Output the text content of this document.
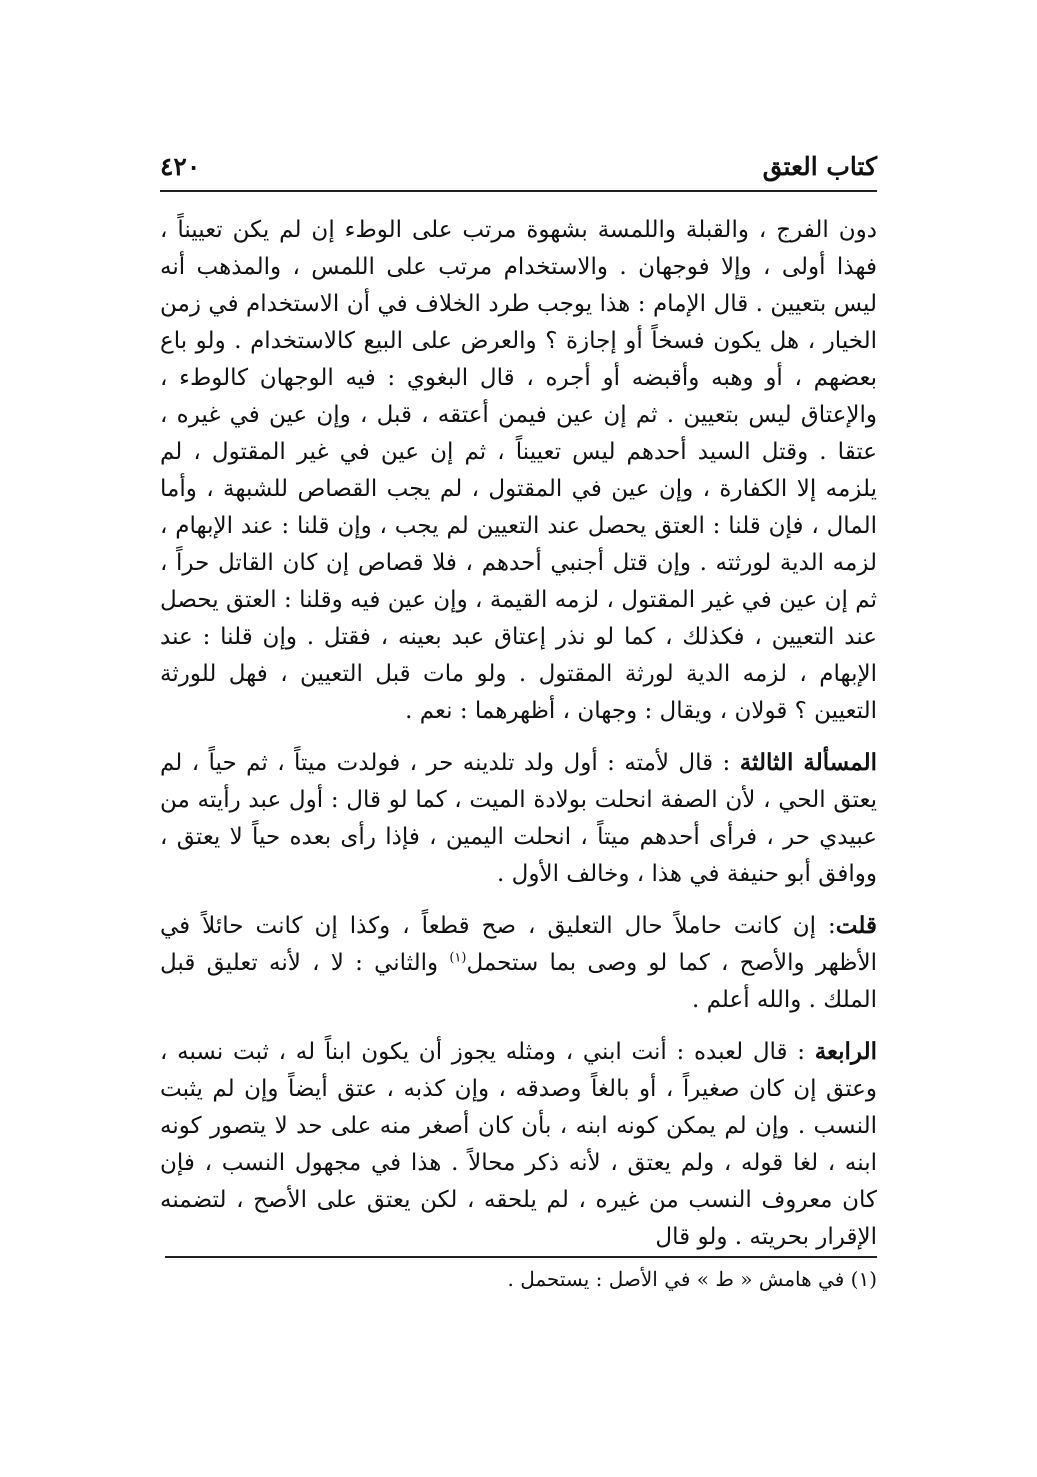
كتاب العتق
٤٢٠

دون الفرج ، والقبلة واللمسة بشهوة مرتب على الوطء إن لم يكن تعييناً ، فهذا أولى ، وإلا فوجهان . والاستخدام مرتب على اللمس ، والمذهب أنه ليس بتعيين . قال الإمام : هذا يوجب طرد الخلاف في أن الاستخدام في زمن الخيار ، هل يكون فسخاً أو إجازة ؟ والعرض على البيع كالاستخدام . ولو باع بعضهم ، أو وهبه وأقبضه أو أجره ، قال البغوي : فيه الوجهان كالوطء ، والإعتاق ليس بتعيين . ثم إن عين فيمن أعتقه ، قبل ، وإن عين في غيره ، عتقا . وقتل السيد أحدهم ليس تعييناً ، ثم إن عين في غير المقتول ، لم يلزمه إلا الكفارة ، وإن عين في المقتول ، لم يجب القصاص للشبهة ، وأما المال ، فإن قلنا : العتق يحصل عند التعيين لم يجب ، وإن قلنا : عند الإبهام ، لزمه الدية لورثته . وإن قتل أجنبي أحدهم ، فلا قصاص إن كان القاتل حراً ، ثم إن عين في غير المقتول ، لزمه القيمة ، وإن عين فيه وقلنا : العتق يحصل عند التعيين ، فكذلك ، كما لو نذر إعتاق عبد بعينه ، فقتل . وإن قلنا : عند الإبهام ، لزمه الدية لورثة المقتول . ولو مات قبل التعيين ، فهل للورثة التعيين ؟ قولان ، ويقال : وجهان ، أظهرهما : نعم .

المسألة الثالثة : قال لأمته : أول ولد تلدينه حر ، فولدت ميتاً ، ثم حياً ، لم يعتق الحي ، لأن الصفة انحلت بولادة الميت ، كما لو قال : أول عبد رأيته من عبيدي حر ، فرأى أحدهم ميتاً ، انحلت اليمين ، فإذا رأى بعده حياً لا يعتق ، ووافق أبو حنيفة في هذا ، وخالف الأول .

قلت: إن كانت حاملاً حال التعليق ، صح قطعاً ، وكذا إن كانت حائلاً في الأظهر والأصح ، كما لو وصى بما ستحمل$^{(١)}$ والثاني : لا ، لأنه تعليق قبل الملك . والله أعلم .

الرابعة : قال لعبده : أنت ابني ، ومثله يجوز أن يكون ابناً له ، ثبت نسبه ، وعتق إن كان صغيراً ، أو بالغاً وصدقه ، وإن كذبه ، عتق أيضاً وإن لم يثبت النسب . وإن لم يمكن كونه ابنه ، بأن كان أصغر منه على حد لا يتصور كونه ابنه ، لغا قوله ، ولم يعتق ، لأنه ذكر محالاً . هذا في مجهول النسب ، فإن كان معروف النسب من غيره ، لم يلحقه ، لكن يعتق على الأصح ، لتضمنه الإقرار بحريته . ولو قال

(١) في هامش « ط » في الأصل : يستحمل .
